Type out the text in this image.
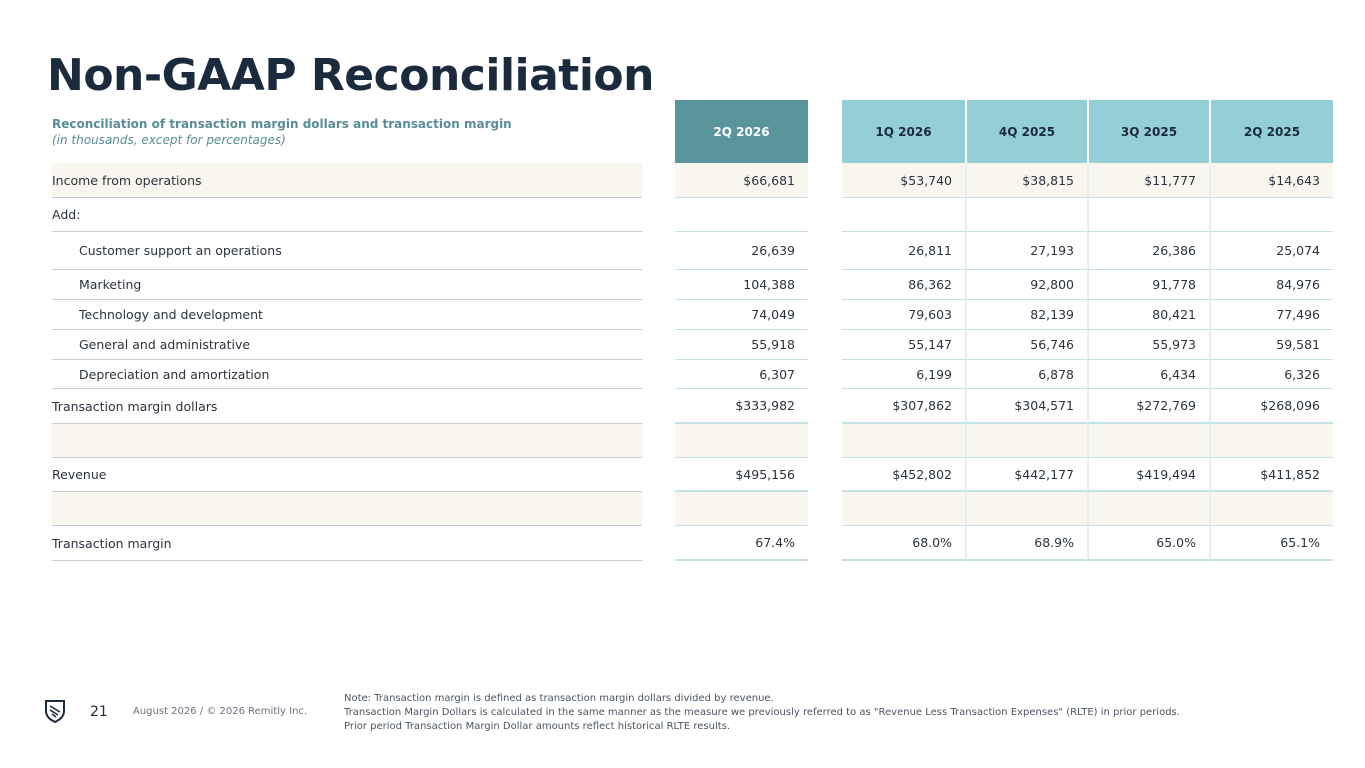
Non-GAAP Reconciliation
Reconciliation of transaction margin dollars and transaction margin
(in thousands, except for percentages)
2Q 2026	1Q 2026	4Q 2025	3Q 2025	2Q 2025
Income from operations	$66,681	$53,740	$38,815	$11,777	$14,643
Add:
Customer support an operations	26,639	26,811	27,193	26,386	25,074
Marketing	104,388	86,362	92,800	91,778	84,976
Technology and development	74,049	79,603	82,139	80,421	77,496
General and administrative	55,918	55,147	56,746	55,973	59,581
Depreciation and amortization	6,307	6,199	6,878	6,434	6,326
Transaction margin dollars	$333,982	$307,862	$304,571	$272,769	$268,096
Revenue	$495,156	$452,802	$442,177	$419,494	$411,852
Transaction margin	67.4%	68.0%	68.9%	65.0%	65.1%
21	August 2026 / © 2026 Remitly Inc.
Note: Transaction margin is defined as transaction margin dollars divided by revenue.
Transaction Margin Dollars is calculated in the same manner as the measure we previously referred to as "Revenue Less Transaction Expenses" (RLTE) in prior periods.
Prior period Transaction Margin Dollar amounts reflect historical RLTE results.
